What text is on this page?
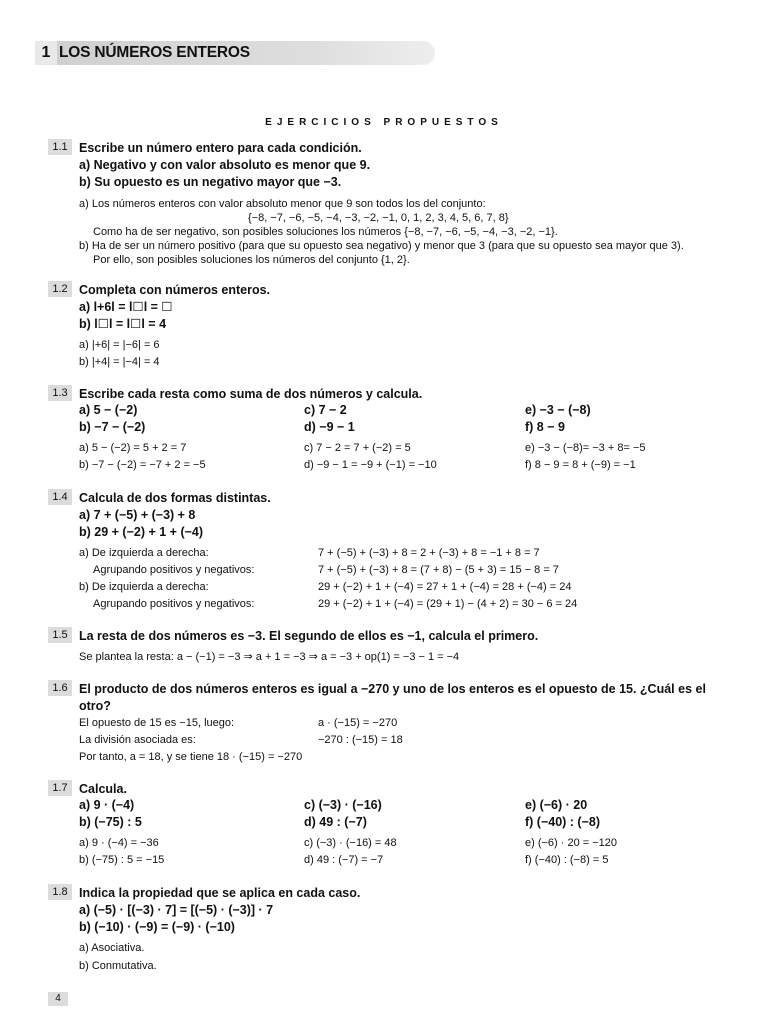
1 LOS NÚMEROS ENTEROS
EJERCICIOS PROPUESTOS
1.1 Escribe un número entero para cada condición.
a) Negativo y con valor absoluto es menor que 9.
b) Su opuesto es un negativo mayor que −3.
a) Los números enteros con valor absoluto menor que 9 son todos los del conjunto:
{−8, −7, −6, −5, −4, −3, −2, −1, 0, 1, 2, 3, 4, 5, 6, 7, 8}
Como ha de ser negativo, son posibles soluciones los números {−8, −7, −6, −5, −4, −3, −2, −1}.
b) Ha de ser un número positivo (para que su opuesto sea negativo) y menor que 3 (para que su opuesto sea mayor que 3).
Por ello, son posibles soluciones los números del conjunto {1, 2}.
1.2 Completa con números enteros.
a) l+6l = l☐l = ☐
b) l☐l = l☐l = 4
a) |+6| = |−6| = 6
b) |+4| = |−4| = 4
1.3 Escribe cada resta como suma de dos números y calcula.
a) 5 − (−2)	c) 7 − 2	e) −3 − (−8)
b) −7 − (−2)	d) −9 − 1	f) 8 − 9
a) 5 − (−2) = 5 + 2 = 7	c) 7 − 2 = 7 + (−2) = 5	e) −3 − (−8)= −3 + 8= −5
b) −7 − (−2) = −7 + 2 = −5	d) −9 − 1 = −9 + (−1) = −10	f) 8 − 9 = 8 + (−9) = −1
1.4 Calcula de dos formas distintas.
a) 7 + (−5) + (−3) + 8
b) 29 + (−2) + 1 + (−4)
a) De izquierda a derecha:	7 + (−5) + (−3) + 8 = 2 + (−3) + 8 = −1 + 8 = 7
Agrupando positivos y negativos:	7 + (−5) + (−3) + 8 = (7 + 8) − (5 + 3) = 15 − 8 = 7
b) De izquierda a derecha:	29 + (−2) + 1 + (−4) = 27 + 1 + (−4) = 28 + (−4) = 24
Agrupando positivos y negativos:	29 + (−2) + 1 + (−4) = (29 + 1) − (4 + 2) = 30 − 6 = 24
1.5 La resta de dos números es −3. El segundo de ellos es −1, calcula el primero.
Se plantea la resta: a − (−1) = −3 ⇒ a + 1 = −3 ⇒ a = −3 + op(1) = −3 − 1 = −4
1.6 El producto de dos números enteros es igual a −270 y uno de los enteros es el opuesto de 15. ¿Cuál es el otro?
El opuesto de 15 es −15, luego:	a · (−15) = −270
La división asociada es:	−270 : (−15) = 18
Por tanto, a = 18, y se tiene 18 · (−15) = −270
1.7 Calcula.
a) 9 · (−4)	c) (−3) · (−16)	e) (−6) · 20
b) (−75) : 5	d) 49 : (−7)	f) (−40) : (−8)
a) 9 · (−4) = −36	c) (−3) · (−16) = 48	e) (−6) · 20 = −120
b) (−75) : 5 = −15	d) 49 : (−7) = −7	f) (−40) : (−8) = 5
1.8 Indica la propiedad que se aplica en cada caso.
a) (−5) · [(−3) · 7] = [(−5) · (−3)] · 7
b) (−10) · (−9) = (−9) · (−10)
a) Asociativa.
b) Conmutativa.
4
